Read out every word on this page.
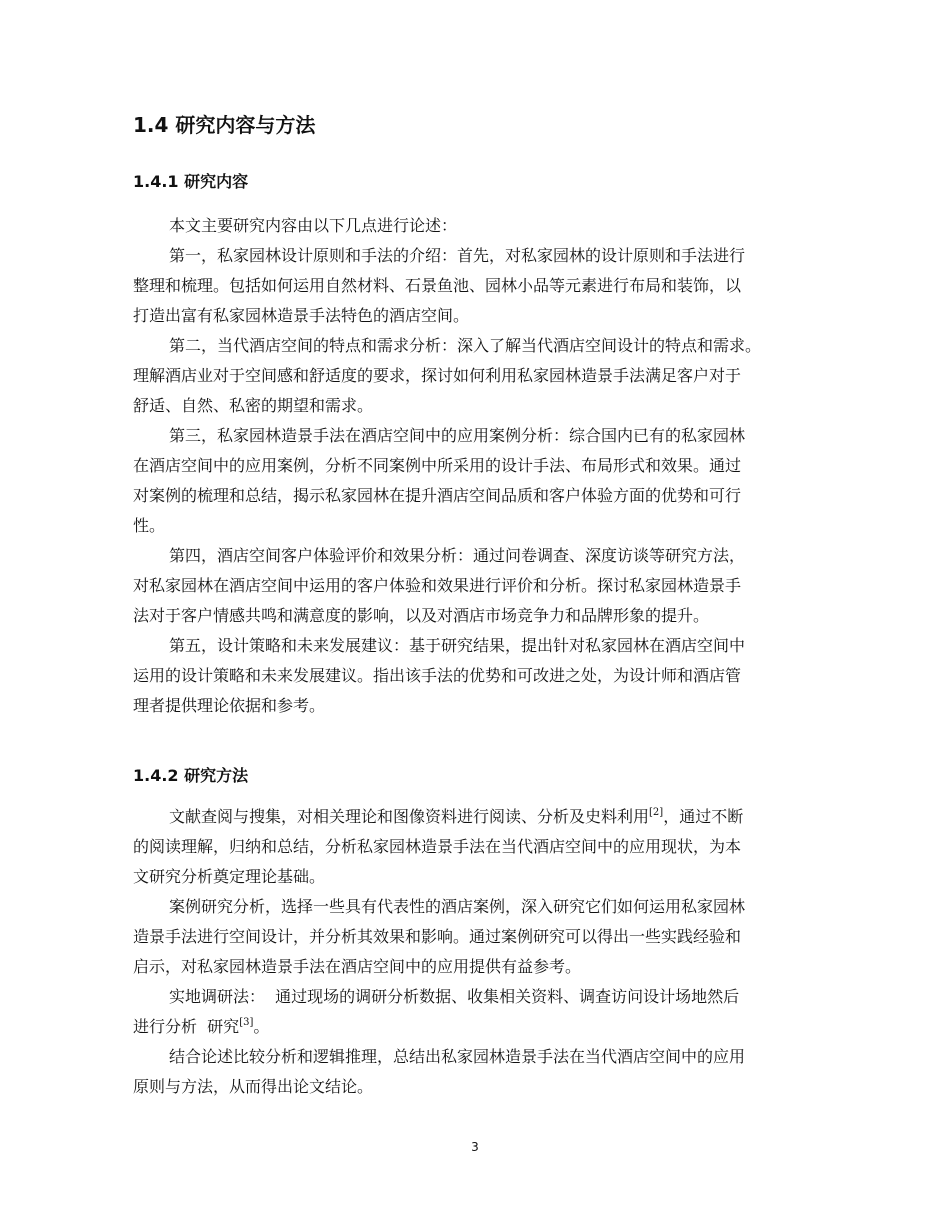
1.4 研究内容与方法
1.4.1 研究内容
本文主要研究内容由以下几点进行论述：
第一，私家园林设计原则和手法的介绍：首先，对私家园林的设计原则和手法进行
整理和梳理。包括如何运用自然材料、石景鱼池、园林小品等元素进行布局和装饰，以
打造出富有私家园林造景手法特色的酒店空间。
第二，当代酒店空间的特点和需求分析：深入了解当代酒店空间设计的特点和需求。
理解酒店业对于空间感和舒适度的要求，探讨如何利用私家园林造景手法满足客户对于
舒适、自然、私密的期望和需求。
第三，私家园林造景手法在酒店空间中的应用案例分析：综合国内已有的私家园林
在酒店空间中的应用案例，分析不同案例中所采用的设计手法、布局形式和效果。通过
对案例的梳理和总结，揭示私家园林在提升酒店空间品质和客户体验方面的优势和可行
性。
第四，酒店空间客户体验评价和效果分析：通过问卷调查、深度访谈等研究方法，
对私家园林在酒店空间中运用的客户体验和效果进行评价和分析。探讨私家园林造景手
法对于客户情感共鸣和满意度的影响，以及对酒店市场竞争力和品牌形象的提升。
第五，设计策略和未来发展建议：基于研究结果，提出针对私家园林在酒店空间中
运用的设计策略和未来发展建议。指出该手法的优势和可改进之处，为设计师和酒店管
理者提供理论依据和参考。
1.4.2 研究方法
文献查阅与搜集，对相关理论和图像资料进行阅读、分析及史料利用[2]，通过不断
的阅读理解，归纳和总结，分析私家园林造景手法在当代酒店空间中的应用现状，为本
文研究分析奠定理论基础。
案例研究分析，选择一些具有代表性的酒店案例，深入研究它们如何运用私家园林
造景手法进行空间设计，并分析其效果和影响。通过案例研究可以得出一些实践经验和
启示，对私家园林造景手法在酒店空间中的应用提供有益参考。
实地调研法：  通过现场的调研分析数据、收集相关资料、调查访问设计场地然后
进行分析  研究[3]。
结合论述比较分析和逻辑推理，总结出私家园林造景手法在当代酒店空间中的应用
原则与方法，从而得出论文结论。
3
